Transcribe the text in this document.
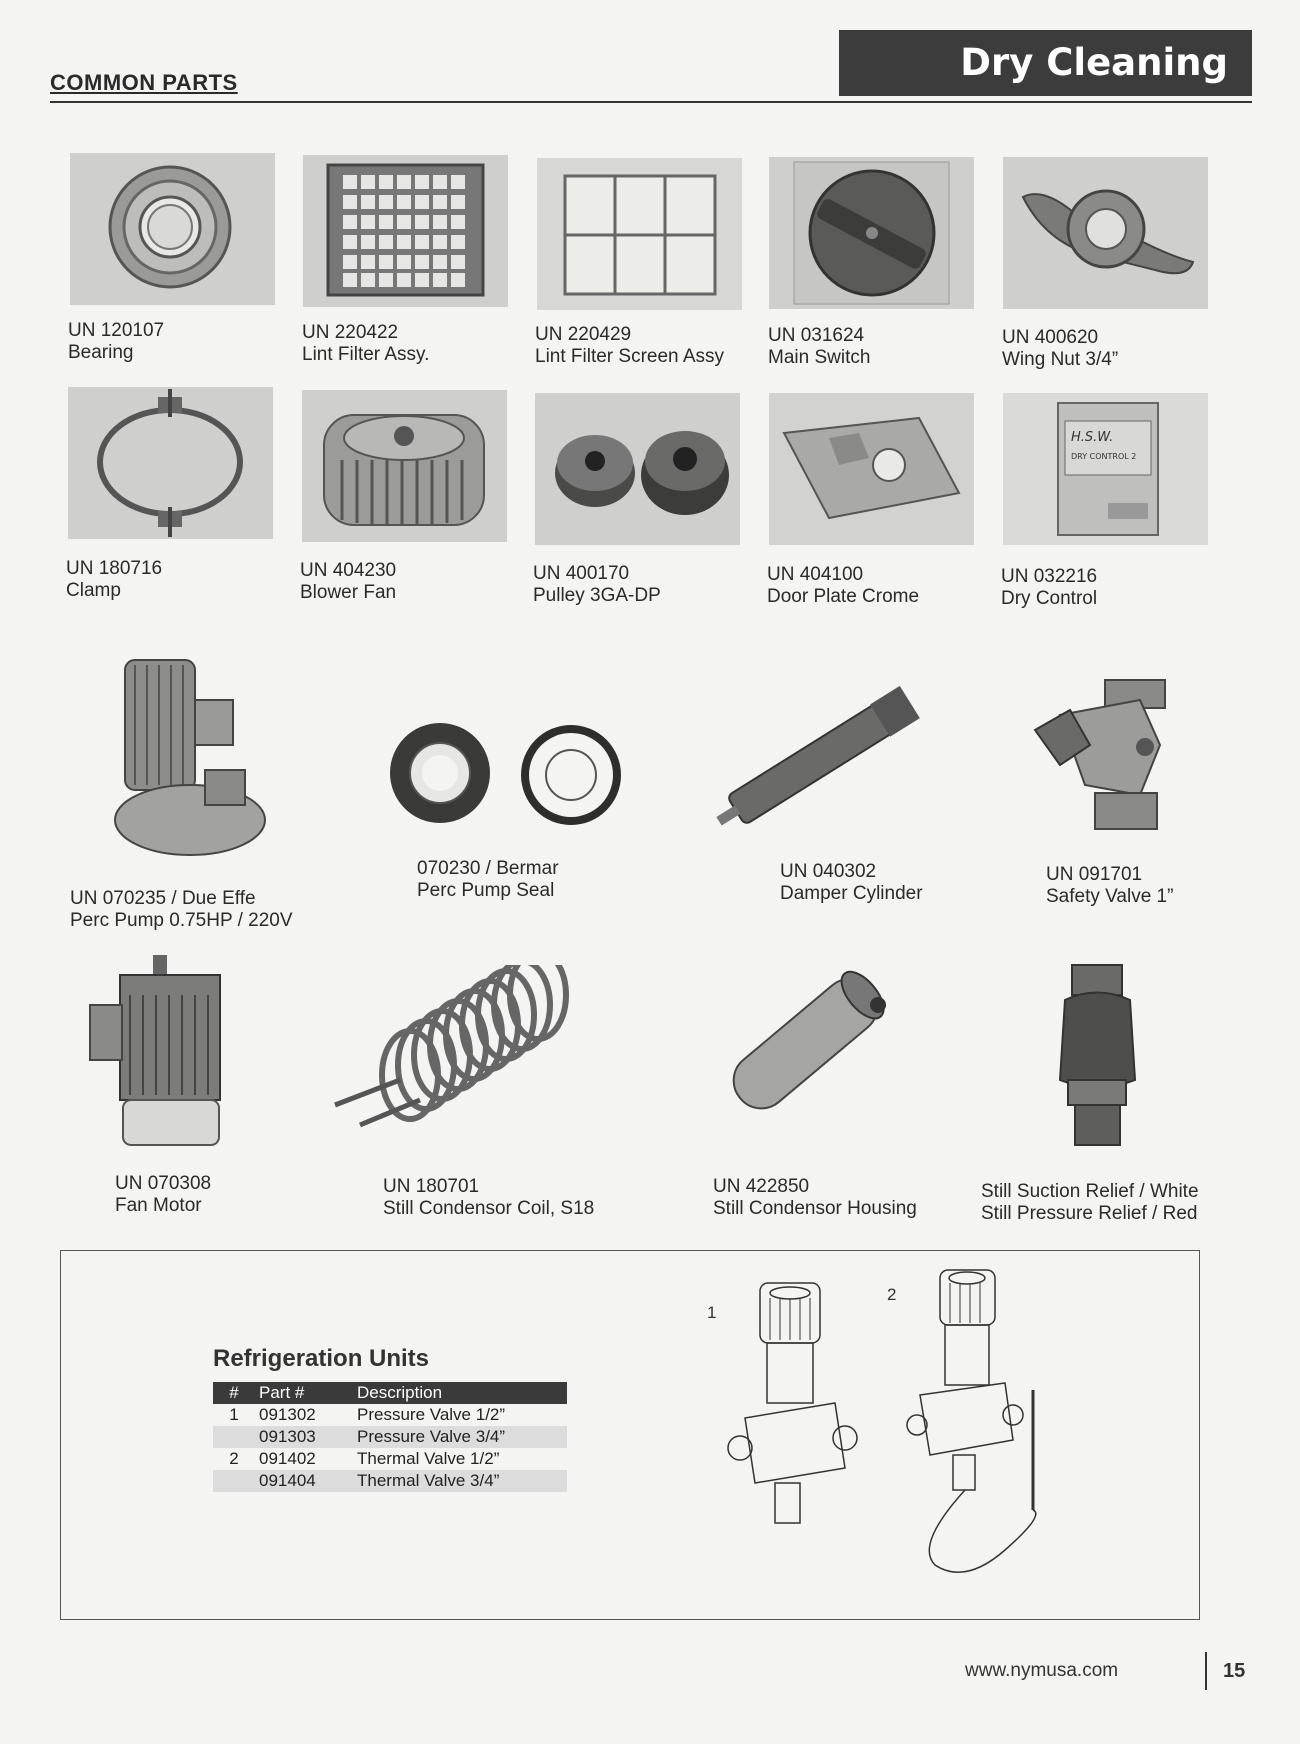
COMMON PARTS	Dry Cleaning
UN 120107
Bearing
UN 220422
Lint Filter Assy.
UN 220429
Lint Filter Screen Assy
UN 031624
Main Switch
UN 400620
Wing Nut 3/4”
UN 180716
Clamp
UN 404230
Blower Fan
UN 400170
Pulley 3GA-DP
UN 404100
Door Plate Crome
H.S.W.
DRY CONTROL 2
UN 032216
Dry Control
UN 070235 / Due Effe
Perc Pump 0.75HP / 220V
070230 / Bermar
Perc Pump Seal
UN 040302
Damper Cylinder
UN 091701
Safety Valve 1”
UN 070308
Fan Motor
UN 180701
Still Condensor Coil, S18
UN 422850
Still Condensor Housing
Still Suction Relief / White
Still Pressure Relief / Red
Refrigeration Units
#	Part #	Description
1	091302	Pressure Valve 1/2”
	091303	Pressure Valve 3/4”
2	091402	Thermal Valve 1/2”
	091404	Thermal Valve 3/4”
1
2
www.nymusa.com	15
